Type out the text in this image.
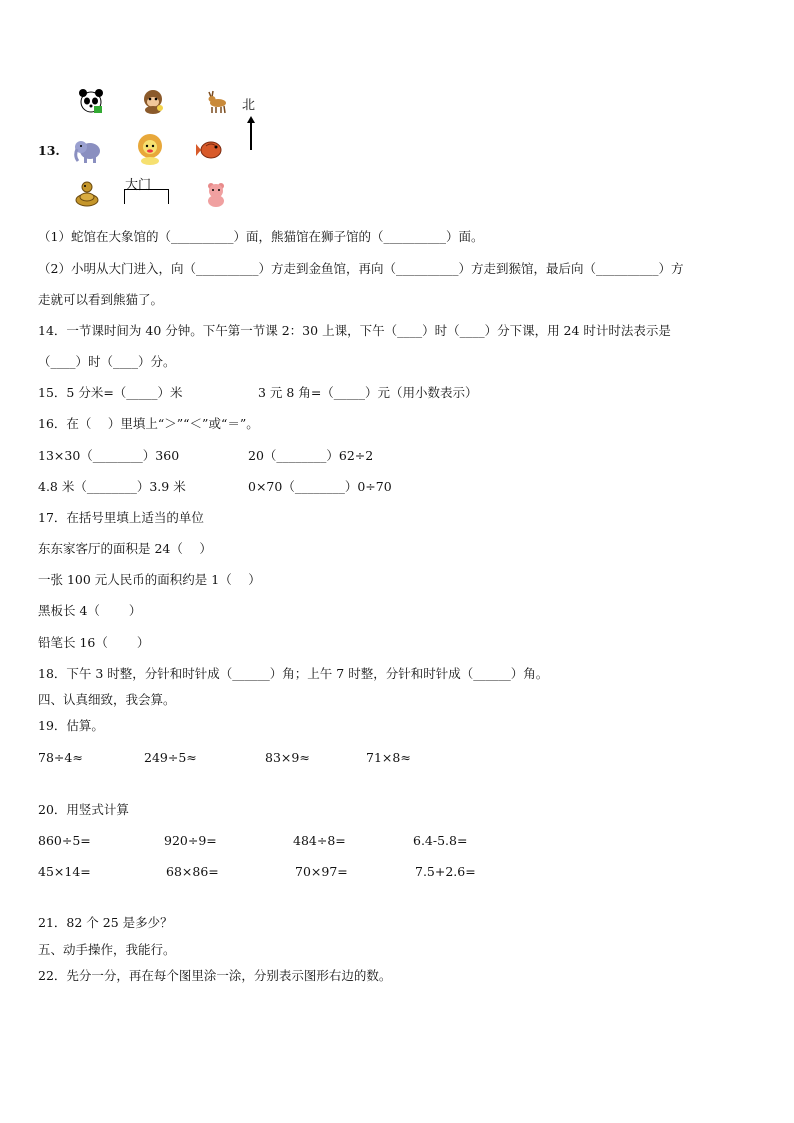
13.
大门
北
（1）蛇馆在大象馆的（__________）面，熊猫馆在狮子馆的（__________）面。
（2）小明从大门进入，向（__________）方走到金鱼馆，再向（__________）方走到猴馆，最后向（__________）方
走就可以看到熊猫了。
14．一节课时间为 40 分钟。下午第一节课 2：30 上课，下午（____）时（____）分下课，用 24 时计时法表示是
（____）时（____）分。
15．5 分米=（_____）米	3 元 8 角=（_____）元（用小数表示）
16．在（　 ）里填上“＞”“＜”或“＝”。
13×30（________）360	20（________）62÷2
4.8 米（________）3.9 米	0×70（________）0÷70
17．在括号里填上适当的单位
东东家客厅的面积是 24（　 ）
一张 100 元人民币的面积约是 1（　 ）
黑板长 4（　　 ）
铅笔长 16（　　 ）
18．下午 3 时整，分针和时针成（______）角；上午 7 时整，分针和时针成（______）角。
四、认真细致，我会算。
19．估算。
78÷4≈	249÷5≈	83×9≈	71×8≈
20．用竖式计算
860÷5=	920÷9=	484÷8=	6.4-5.8=
45×14=	68×86=	70×97=	7.5+2.6=
21．82 个 25 是多少？
五、动手操作，我能行。
22．先分一分，再在每个图里涂一涂，分别表示图形右边的数。
